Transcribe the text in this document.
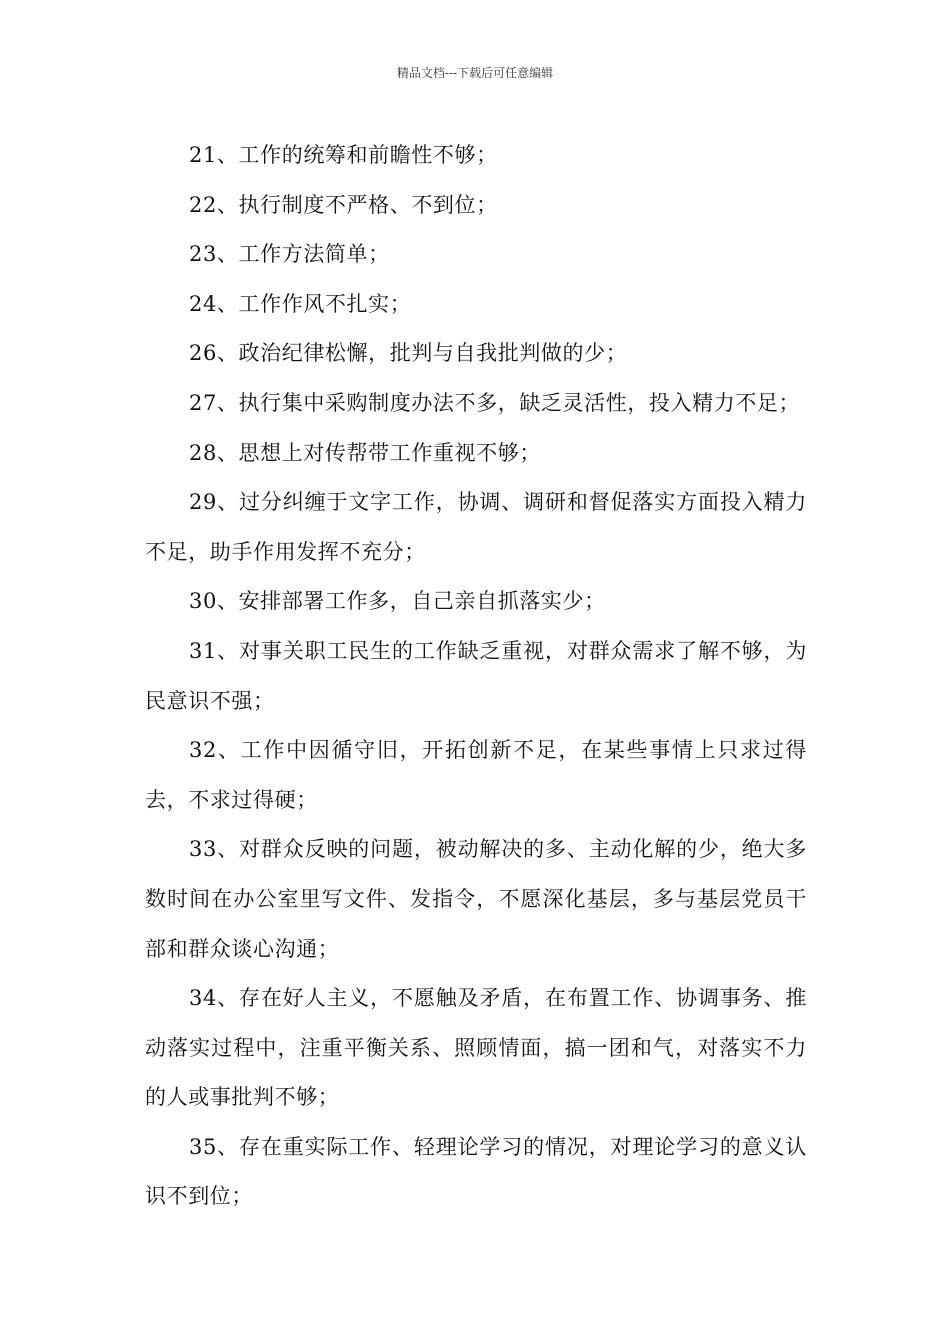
精品文档---下载后可任意编辑

21、工作的统筹和前瞻性不够；

22、执行制度不严格、不到位；

23、工作方法简单；

24、工作作风不扎实；

26、政治纪律松懈，批判与自我批判做的少；

27、执行集中采购制度办法不多，缺乏灵活性，投入精力不足；

28、思想上对传帮带工作重视不够；

29、过分纠缠于文字工作，协调、调研和督促落实方面投入精力不足，助手作用发挥不充分；

30、安排部署工作多，自己亲自抓落实少；

31、对事关职工民生的工作缺乏重视，对群众需求了解不够，为民意识不强；

32、工作中因循守旧，开拓创新不足，在某些事情上只求过得去，不求过得硬；

33、对群众反映的问题，被动解决的多、主动化解的少，绝大多数时间在办公室里写文件、发指令，不愿深化基层，多与基层党员干部和群众谈心沟通；

34、存在好人主义，不愿触及矛盾，在布置工作、协调事务、推动落实过程中，注重平衡关系、照顾情面，搞一团和气，对落实不力的人或事批判不够；

35、存在重实际工作、轻理论学习的情况，对理论学习的意义认识不到位；
